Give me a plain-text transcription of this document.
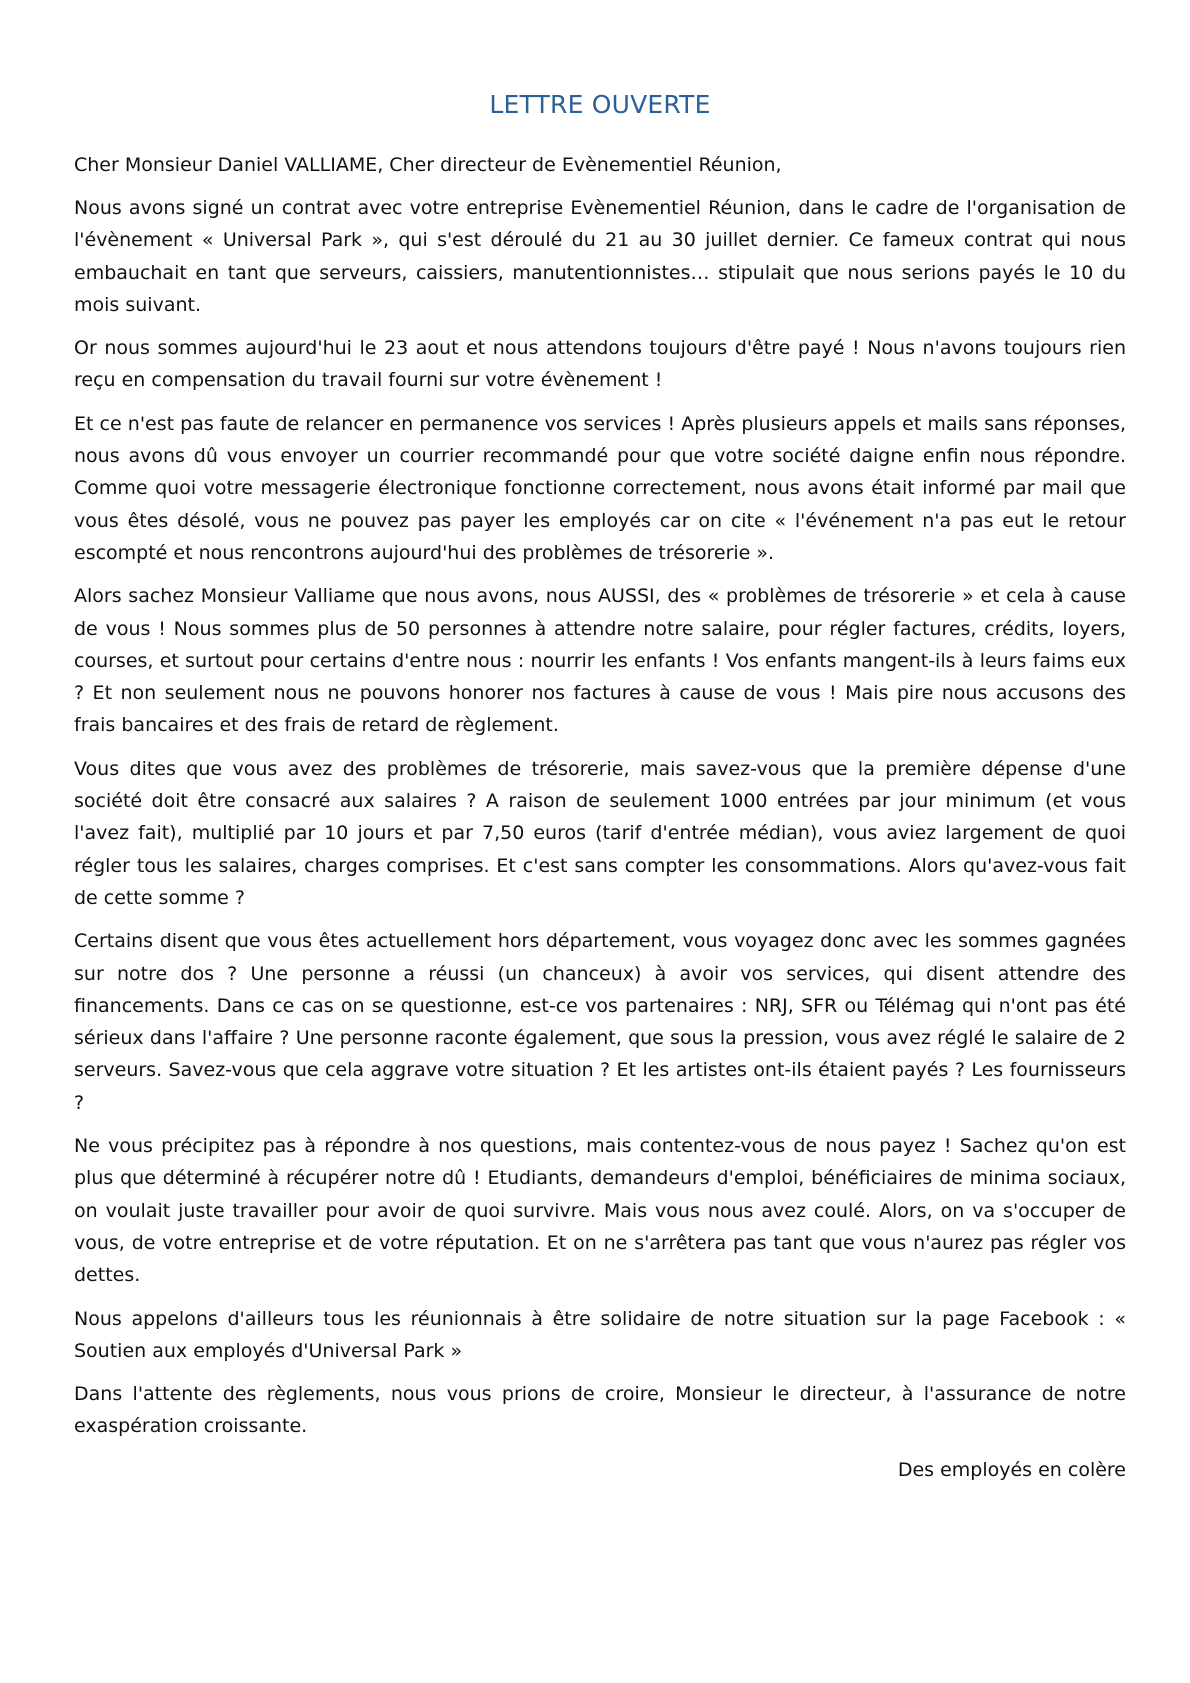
LETTRE OUVERTE

Cher Monsieur Daniel VALLIAME, Cher directeur de Evènementiel Réunion,

Nous avons signé un contrat avec votre entreprise Evènementiel Réunion, dans le cadre de l'organisation de l'évènement « Universal Park », qui s'est déroulé du 21 au 30 juillet dernier. Ce fameux contrat qui nous embauchait en tant que serveurs, caissiers, manutentionnistes… stipulait que nous serions payés le 10 du mois suivant.

Or nous sommes aujourd'hui le 23 aout et nous attendons toujours d'être payé ! Nous n'avons toujours rien reçu en compensation du travail fourni sur votre évènement !

Et ce n'est pas faute de relancer en permanence vos services ! Après plusieurs appels et mails sans réponses, nous avons dû vous envoyer un courrier recommandé pour que votre société daigne enfin nous répondre. Comme quoi votre messagerie électronique fonctionne correctement, nous avons était informé par mail que vous êtes désolé, vous ne pouvez pas payer les employés car on cite « l'événement n'a pas eut le retour escompté et nous rencontrons aujourd'hui des problèmes de trésorerie ».

Alors sachez Monsieur Valliame que nous avons, nous AUSSI, des « problèmes de trésorerie » et cela à cause de vous ! Nous sommes plus de 50 personnes à attendre notre salaire, pour régler factures, crédits, loyers, courses, et surtout pour certains d'entre nous : nourrir les enfants ! Vos enfants mangent-ils à leurs faims eux ? Et non seulement nous ne pouvons honorer nos factures à cause de vous ! Mais pire nous accusons des frais bancaires et des frais de retard de règlement.

Vous dites que vous avez des problèmes de trésorerie, mais savez-vous que la première dépense d'une société doit être consacré aux salaires ? A raison de seulement 1000 entrées par jour minimum (et vous l'avez fait), multiplié par 10 jours et par 7,50 euros (tarif d'entrée médian), vous aviez largement de quoi régler tous les salaires, charges comprises. Et c'est sans compter les consommations. Alors qu'avez-vous fait de cette somme ?

Certains disent que vous êtes actuellement hors département, vous voyagez donc avec les sommes gagnées sur notre dos ? Une personne a réussi (un chanceux) à avoir vos services, qui disent attendre des financements. Dans ce cas on se questionne, est-ce vos partenaires : NRJ, SFR ou Télémag qui n'ont pas été sérieux dans l'affaire ? Une personne raconte également, que sous la pression, vous avez réglé le salaire de 2 serveurs. Savez-vous que cela aggrave votre situation ? Et les artistes ont-ils étaient payés ? Les fournisseurs ?

Ne vous précipitez pas à répondre à nos questions, mais contentez-vous de nous payez ! Sachez qu'on est plus que déterminé à récupérer notre dû ! Etudiants, demandeurs d'emploi, bénéficiaires de minima sociaux, on voulait juste travailler pour avoir de quoi survivre. Mais vous nous avez coulé. Alors, on va s'occuper de vous, de votre entreprise et de votre réputation. Et on ne s'arrêtera pas tant que vous n'aurez pas régler vos dettes.

Nous appelons d'ailleurs tous les réunionnais à être solidaire de notre situation sur la page Facebook : « Soutien aux employés d'Universal Park »

Dans l'attente des règlements, nous vous prions de croire, Monsieur le directeur, à l'assurance de notre exaspération croissante.

Des employés en colère
